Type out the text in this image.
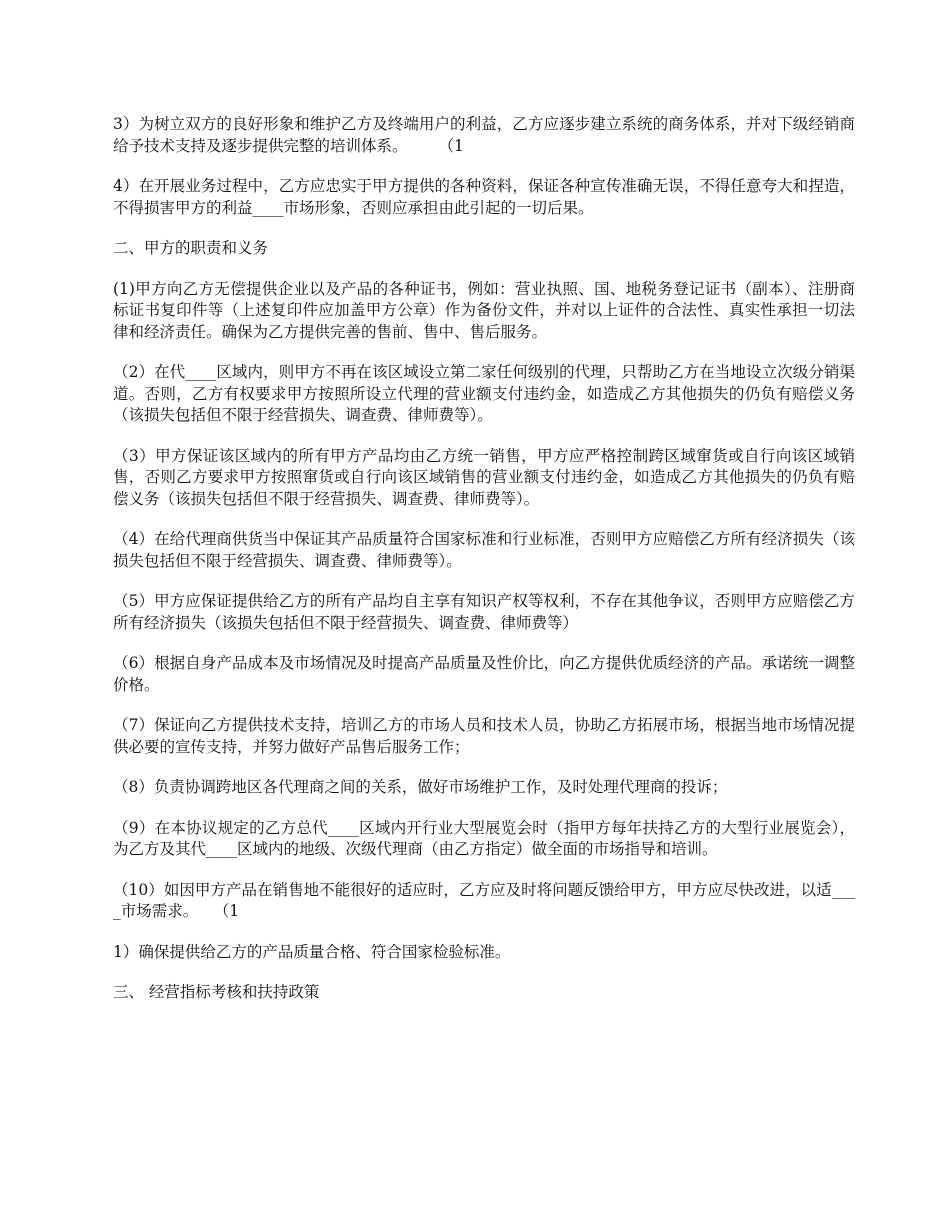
3）为树立双方的良好形象和维护乙方及终端用户的利益，乙方应逐步建立系统的商务体系，并对下级经销商给予技术支持及逐步提供完整的培训体系。　　　（1

4）在开展业务过程中，乙方应忠实于甲方提供的各种资料，保证各种宣传准确无误，不得任意夸大和捏造，不得损害甲方的利益____市场形象，否则应承担由此引起的一切后果。

二、甲方的职责和义务

(1)甲方向乙方无偿提供企业以及产品的各种证书，例如：营业执照、国、地税务登记证书（副本）、注册商标证书复印件等（上述复印件应加盖甲方公章）作为备份文件，并对以上证件的合法性、真实性承担一切法律和经济责任。确保为乙方提供完善的售前、售中、售后服务。

（2）在代____区域内，则甲方不再在该区域设立第二家任何级别的代理，只帮助乙方在当地设立次级分销渠道。否则，乙方有权要求甲方按照所设立代理的营业额支付违约金，如造成乙方其他损失的仍负有赔偿义务（该损失包括但不限于经营损失、调查费、律师费等）。

（3）甲方保证该区域内的所有甲方产品均由乙方统一销售，甲方应严格控制跨区域窜货或自行向该区域销售，否则乙方要求甲方按照窜货或自行向该区域销售的营业额支付违约金，如造成乙方其他损失的仍负有赔偿义务（该损失包括但不限于经营损失、调查费、律师费等）。

（4）在给代理商供货当中保证其产品质量符合国家标准和行业标准，否则甲方应赔偿乙方所有经济损失（该损失包括但不限于经营损失、调查费、律师费等）。

（5）甲方应保证提供给乙方的所有产品均自主享有知识产权等权利，不存在其他争议，否则甲方应赔偿乙方所有经济损失（该损失包括但不限于经营损失、调查费、律师费等）

（6）根据自身产品成本及市场情况及时提高产品质量及性价比，向乙方提供优质经济的产品。承诺统一调整价格。

（7）保证向乙方提供技术支持，培训乙方的市场人员和技术人员，协助乙方拓展市场，根据当地市场情况提供必要的宣传支持，并努力做好产品售后服务工作；

（8）负责协调跨地区各代理商之间的关系，做好市场维护工作，及时处理代理商的投诉；

（9）在本协议规定的乙方总代____区域内开行业大型展览会时（指甲方每年扶持乙方的大型行业展览会），为乙方及其代____区域内的地级、次级代理商（由乙方指定）做全面的市场指导和培训。

（10）如因甲方产品在销售地不能很好的适应时，乙方应及时将问题反馈给甲方，甲方应尽快改进，以适____市场需求。　　（1

1）确保提供给乙方的产品质量合格、符合国家检验标准。

三、 经营指标考核和扶持政策
